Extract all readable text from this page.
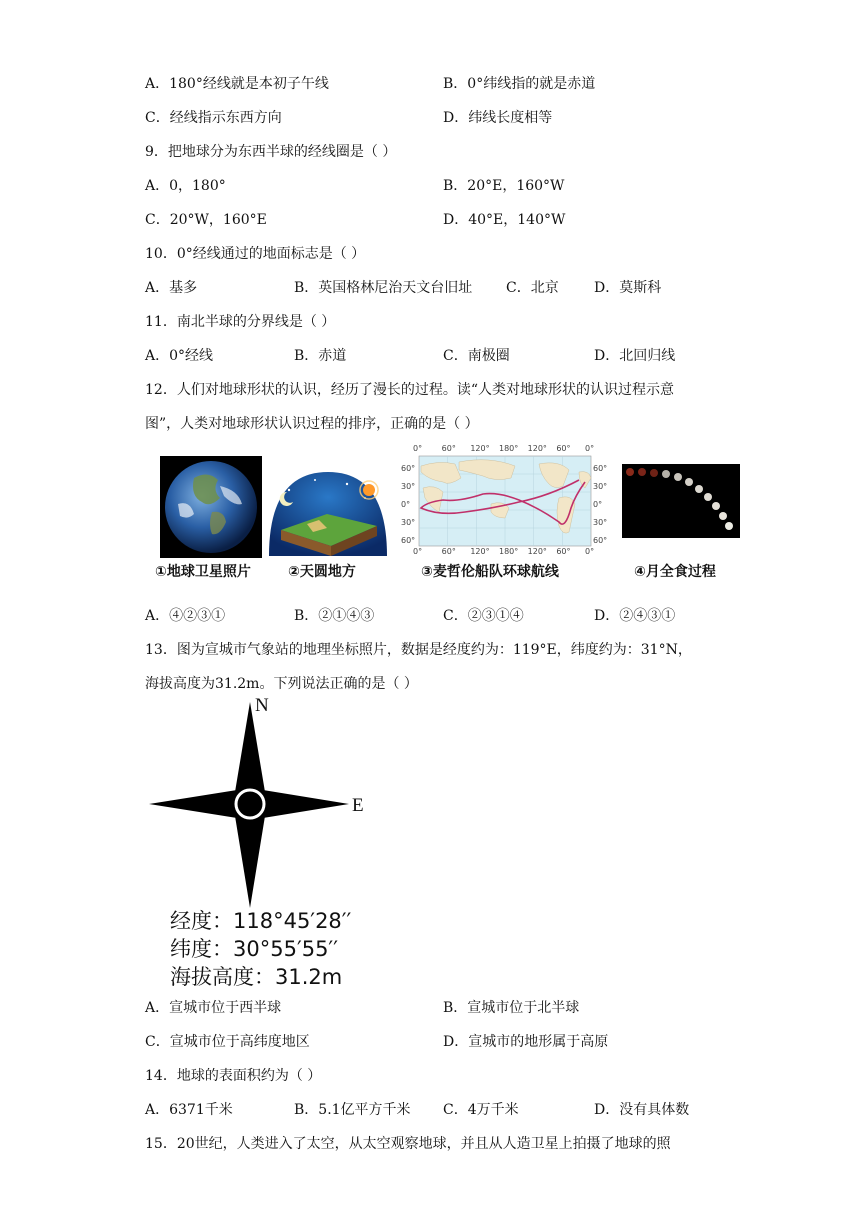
A．180°经线就是本初子午线	B．0°纬线指的就是赤道
C．经线指示东西方向	D．纬线长度相等
9．把地球分为东西半球的经线圈是（ ）
A．0，180°	B．20°E，160°W
C．20°W，160°E	D．40°E，140°W
10．0°经线通过的地面标志是（ ）
A．基多	B．英国格林尼治天文台旧址 C．北京	D．莫斯科
11．南北半球的分界线是（ ）
A．0°经线	B．赤道	C．南极圈	D．北回归线
12．人们对地球形状的认识，经历了漫长的过程。读“人类对地球形状的认识过程示意
图”，人类对地球形状认识过程的排序，正确的是（ ）
0° 60° 120° 180° 120° 60° 0°
0° 60° 120° 180° 120° 60° 0°
60°
30°
0°
30°
60°
60°
30°
0°
30°
60°
①地球卫星照片	②天圆地方	③麦哲伦船队环球航线	④月全食过程
A．④②③①	B．②①④③	C．②③①④	D．②④③①
13．图为宣城市气象站的地理坐标照片，数据是经度约为：119°E，纬度约为：31°N，
海拔高度为31.2m。下列说法正确的是（ ）
N
E
经度：118°45′28′′
纬度：30°55′55′′
海拔高度：31.2m
A．宣城市位于西半球	B．宣城市位于北半球
C．宣城市位于高纬度地区	D．宣城市的地形属于高原
14．地球的表面积约为（ ）
A．6371千米	B．5.1亿平方千米 C．4万千米	D．没有具体数
15．20世纪，人类进入了太空，从太空观察地球，并且从人造卫星上拍摄了地球的照
